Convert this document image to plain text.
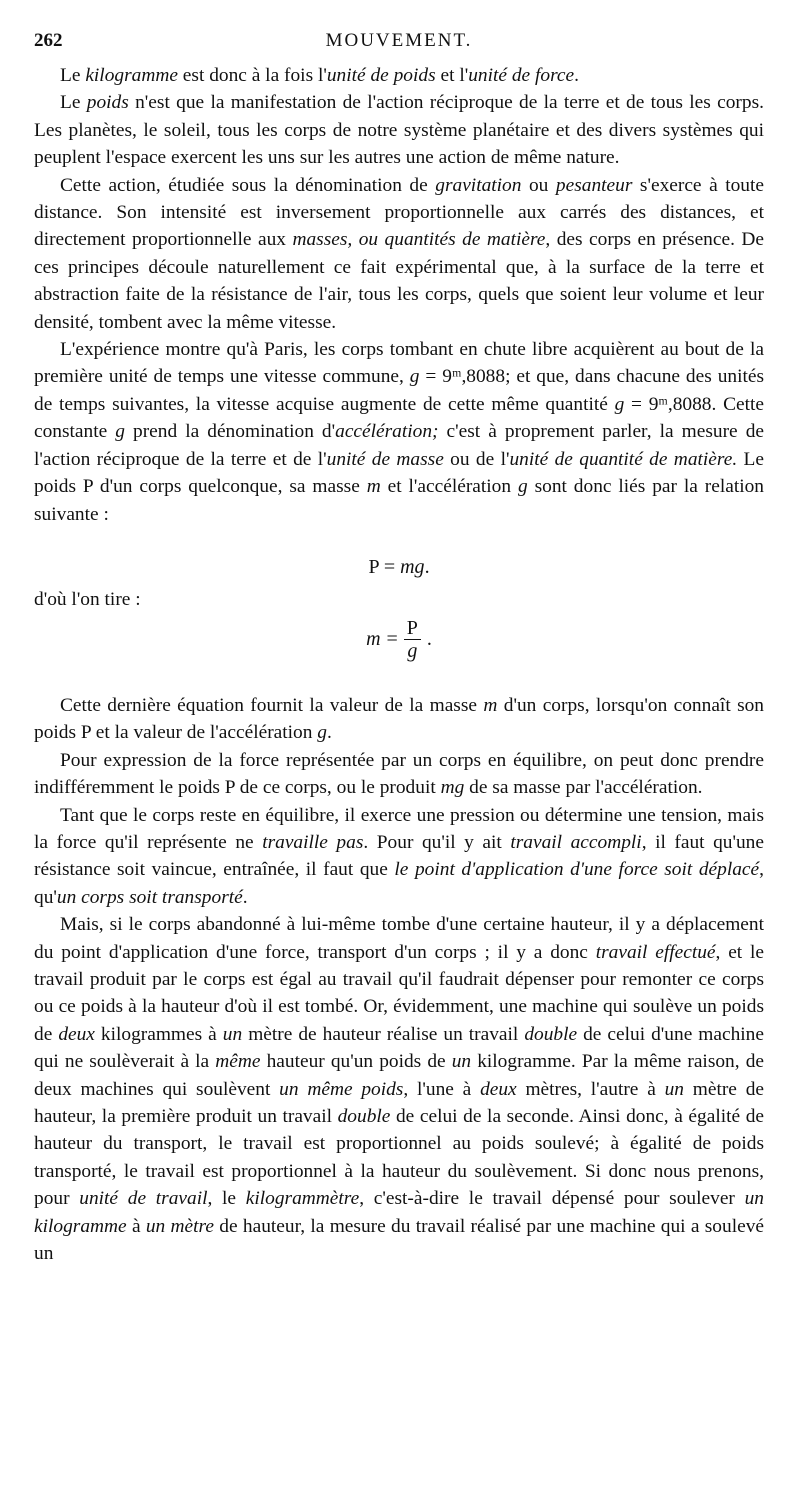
262	MOUVEMENT.

Le kilogramme est donc à la fois l'unité de poids et l'unité de force.

Le poids n'est que la manifestation de l'action réciproque de la terre et de tous les corps. Les planètes, le soleil, tous les corps de notre système planétaire et des divers systèmes qui peuplent l'espace exercent les uns sur les autres une action de même nature.

Cette action, étudiée sous la dénomination de gravitation ou pesanteur s'exerce à toute distance. Son intensité est inversement proportionnelle aux carrés des distances, et directement proportionnelle aux masses, ou quantités de matière, des corps en présence. De ces principes découle naturellement ce fait expérimental que, à la surface de la terre et abstraction faite de la résistance de l'air, tous les corps, quels que soient leur volume et leur densité, tombent avec la même vitesse.

L'expérience montre qu'à Paris, les corps tombant en chute libre acquièrent au bout de la première unité de temps une vitesse commune, g = 9ᵐ,8088; et que, dans chacune des unités de temps suivantes, la vitesse acquise augmente de cette même quantité g = 9ᵐ,8088. Cette constante g prend la dénomination d'accélération; c'est à proprement parler, la mesure de l'action réciproque de la terre et de l'unité de masse ou de l'unité de quantité de matière. Le poids P d'un corps quelconque, sa masse m et l'accélération g sont donc liés par la relation suivante :

P = mg.

d'où l'on tire :

$m = \frac{P}{g}$ .

Cette dernière équation fournit la valeur de la masse m d'un corps, lorsqu'on connaît son poids P et la valeur de l'accélération g.

Pour expression de la force représentée par un corps en équilibre, on peut donc prendre indifféremment le poids P de ce corps, ou le produit mg de sa masse par l'accélération.

Tant que le corps reste en équilibre, il exerce une pression ou détermine une tension, mais la force qu'il représente ne travaille pas. Pour qu'il y ait travail accompli, il faut qu'une résistance soit vaincue, entraînée, il faut que le point d'application d'une force soit déplacé, qu'un corps soit transporté.

Mais, si le corps abandonné à lui-même tombe d'une certaine hauteur, il y a déplacement du point d'application d'une force, transport d'un corps ; il y a donc travail effectué, et le travail produit par le corps est égal au travail qu'il faudrait dépenser pour remonter ce corps ou ce poids à la hauteur d'où il est tombé. Or, évidemment, une machine qui soulève un poids de deux kilogrammes à un mètre de hauteur réalise un travail double de celui d'une machine qui ne soulèverait à la même hauteur qu'un poids de un kilogramme. Par la même raison, de deux machines qui soulèvent un même poids, l'une à deux mètres, l'autre à un mètre de hauteur, la première produit un travail double de celui de la seconde. Ainsi donc, à égalité de hauteur du transport, le travail est proportionnel au poids soulevé; à égalité de poids transporté, le travail est proportionnel à la hauteur du soulèvement. Si donc nous prenons, pour unité de travail, le kilogrammètre, c'est-à-dire le travail dépensé pour soulever un kilogramme à un mètre de hauteur, la mesure du travail réalisé par une machine qui a soulevé un
